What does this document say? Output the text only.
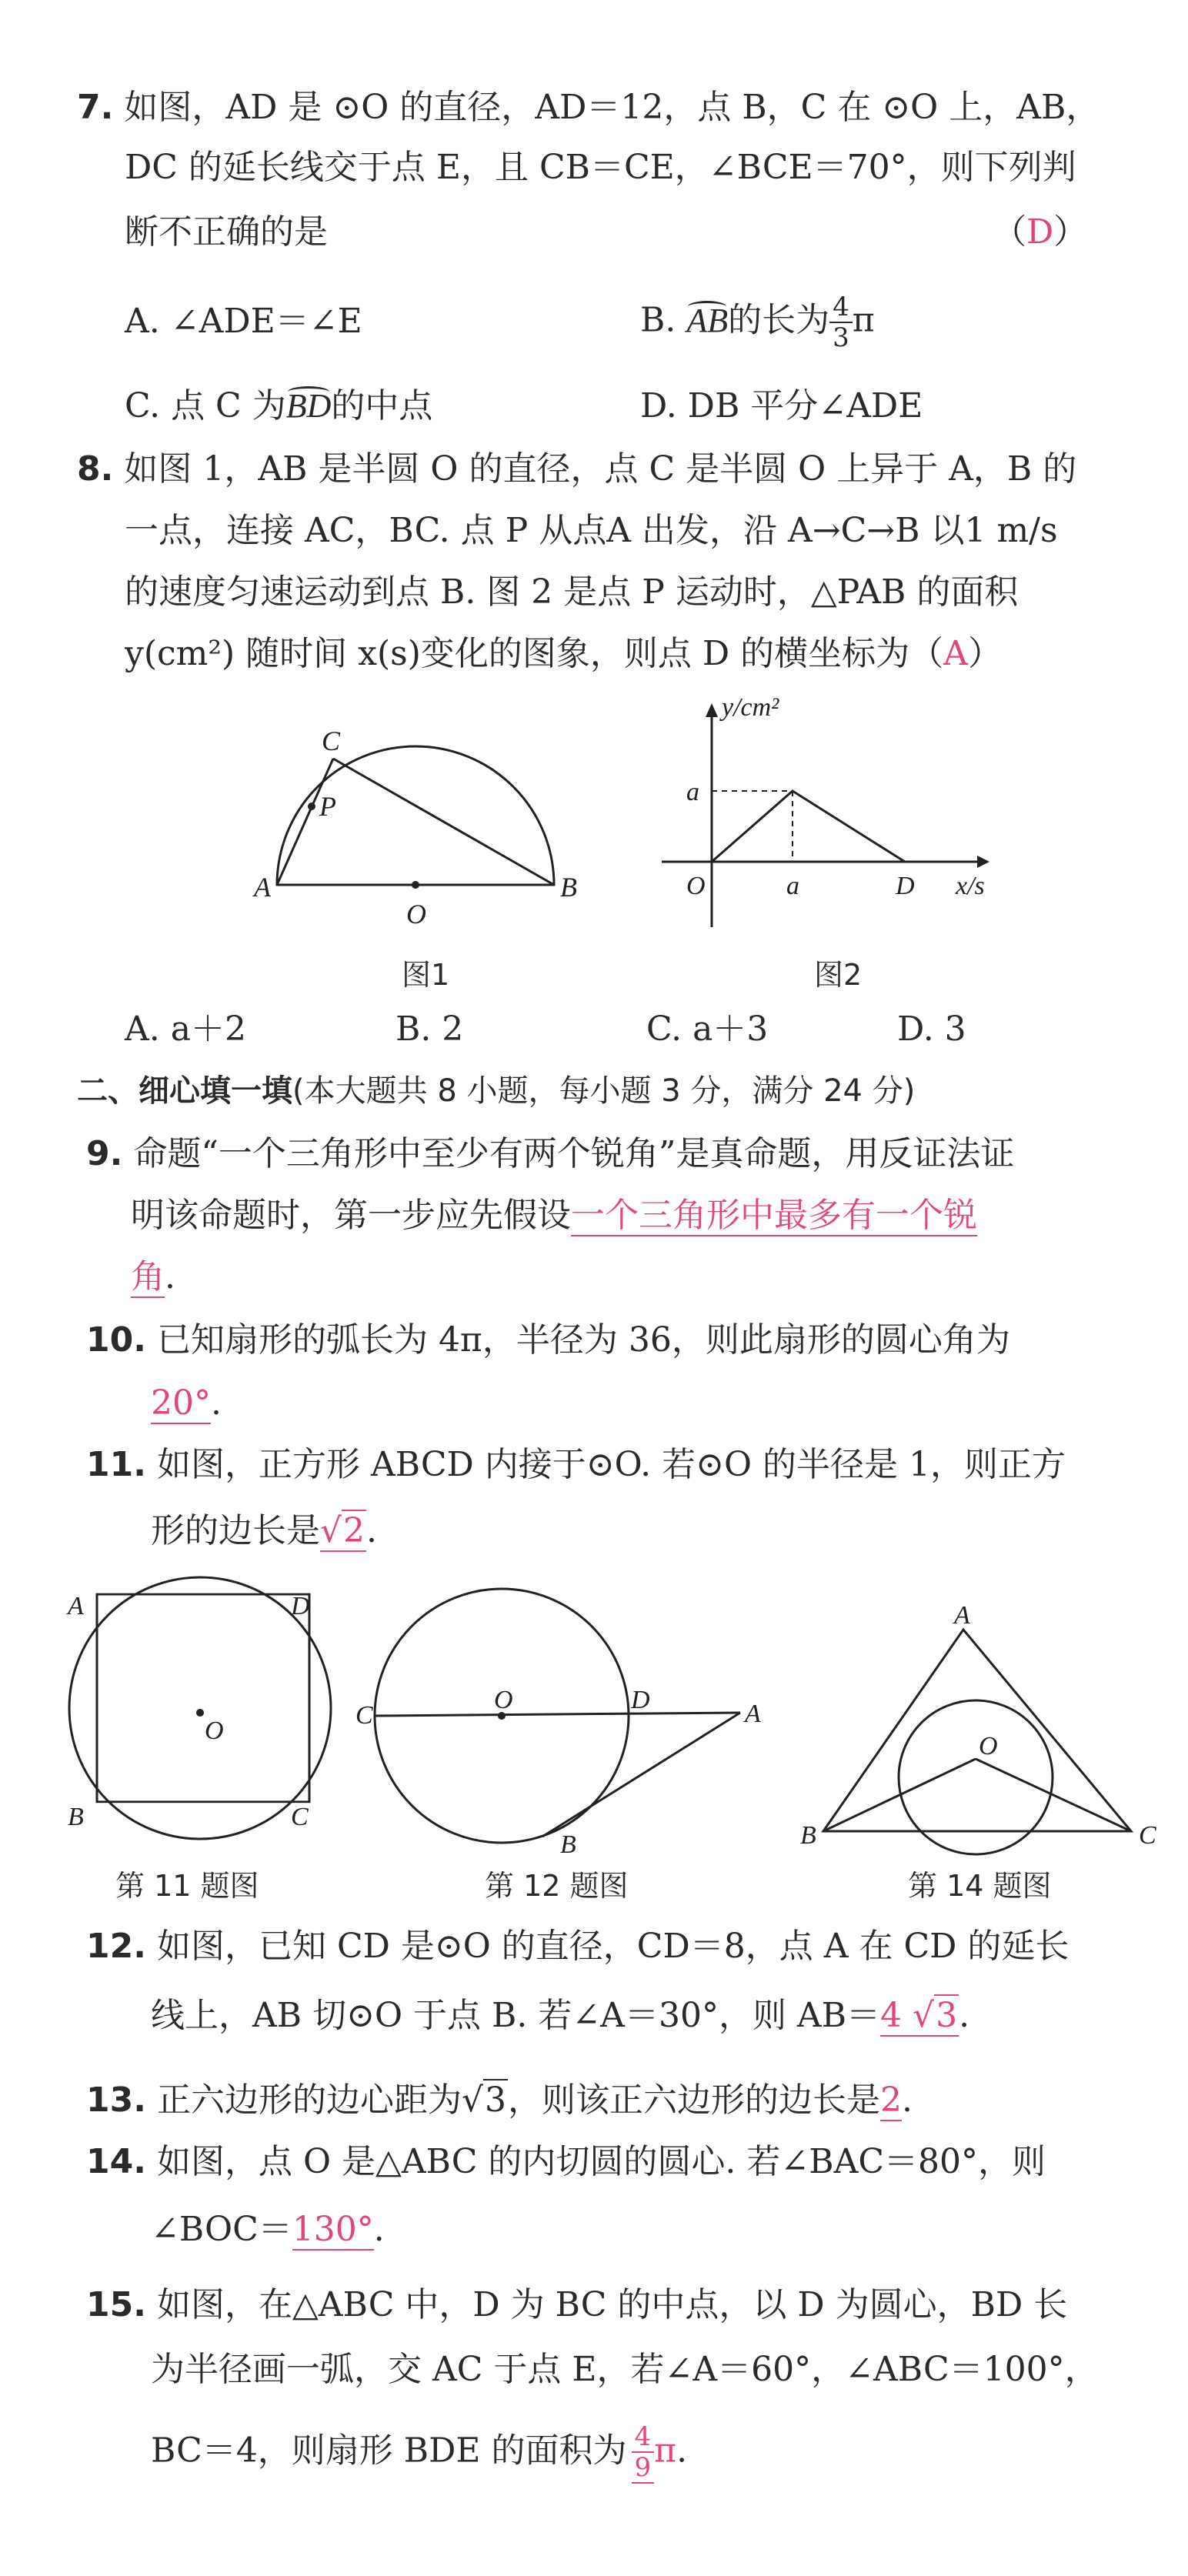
7. 如图，AD 是 ⊙O 的直径，AD＝12，点 B，C 在 ⊙O 上，AB，
DC 的延长线交于点 E，且 CB＝CE，∠BCE＝70°，则下列判
断不正确的是	（D）
A. ∠ADE＝∠E	B. AB的长为 $\frac{4}{3}$ π
C. 点 C 为BD的中点	D. DB 平分∠ADE
8. 如图 1，AB 是半圆 O 的直径，点 C 是半圆 O 上异于 A，B 的
一点，连接 AC，BC. 点 P 从点A 出发，沿 A→C→B 以1 m/s
的速度匀速运动到点 B. 图 2 是点 P 运动时，△PAB 的面积
y(cm²) 随时间 x(s)变化的图象，则点 D 的横坐标为（A）
A	B
C
P
O
图1
y/cm²
x/s
O
a
a	D
图2
A. a＋2	B. 2	C. a＋3	D. 3
二、细心填一填(本大题共 8 小题，每小题 3 分，满分 24 分)
9. 命题“一个三角形中至少有两个锐角”是真命题，用反证法证
明该命题时，第一步应先假设一个三角形中最多有一个锐
角.
10. 已知扇形的弧长为 4π，半径为 36，则此扇形的圆心角为
20°.
11. 如图，正方形 ABCD 内接于⊙O. 若⊙O 的半径是 1，则正方
形的边长是√2.
A	D
B	C
O
第 11 题图
C
O	D	A
B
第 12 题图
A
B	C
O
第 14 题图
12. 如图，已知 CD 是⊙O 的直径，CD＝8，点 A 在 CD 的延长
线上，AB 切⊙O 于点 B. 若∠A＝30°，则 AB＝4 √3.
13. 正六边形的边心距为√3，则该正六边形的边长是2.
14. 如图，点 O 是△ABC 的内切圆的圆心. 若∠BAC＝80°，则
∠BOC＝130°.
15. 如图，在△ABC 中，D 为 BC 的中点，以 D 为圆心，BD 长
为半径画一弧，交 AC 于点 E，若∠A＝60°，∠ABC＝100°，
BC＝4，则扇形 BDE 的面积为 $\frac{4}{9} \pi$.
